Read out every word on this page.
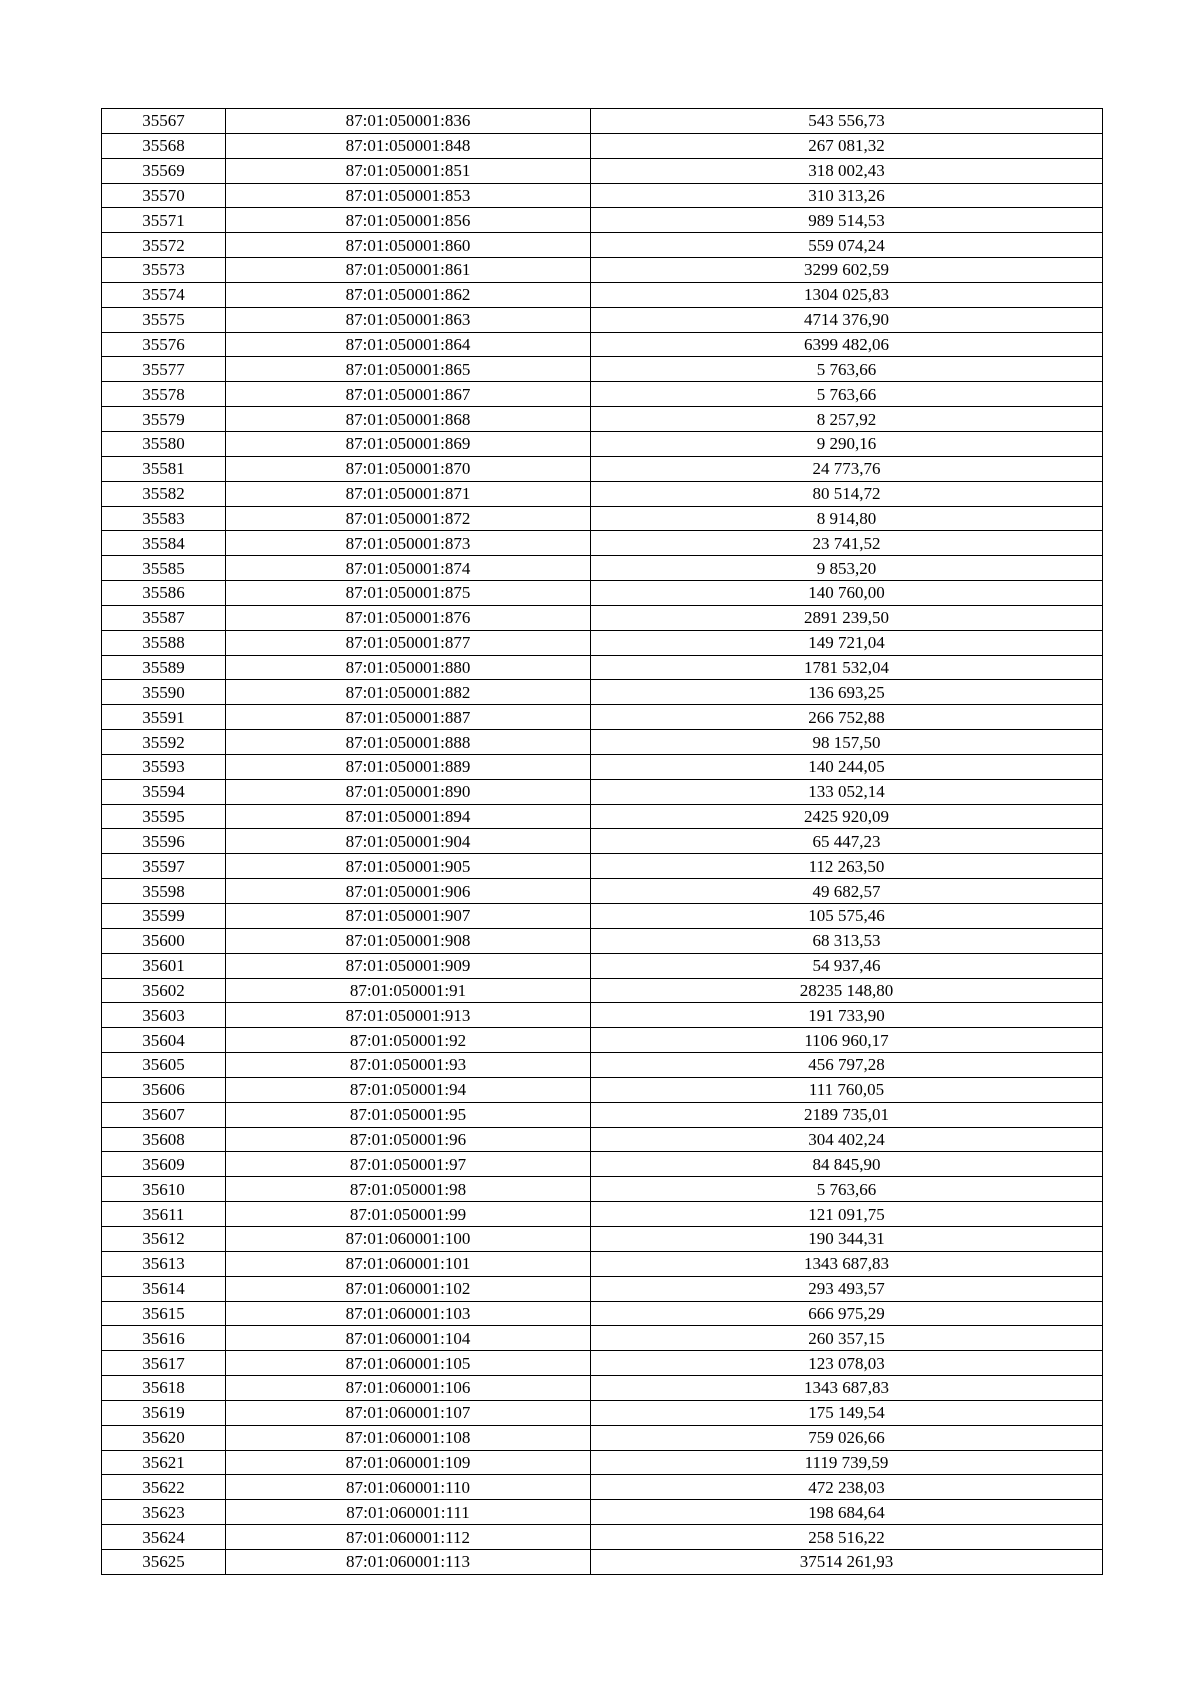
35567	87:01:050001:836	543 556,73
35568	87:01:050001:848	267 081,32
35569	87:01:050001:851	318 002,43
35570	87:01:050001:853	310 313,26
35571	87:01:050001:856	989 514,53
35572	87:01:050001:860	559 074,24
35573	87:01:050001:861	3299 602,59
35574	87:01:050001:862	1304 025,83
35575	87:01:050001:863	4714 376,90
35576	87:01:050001:864	6399 482,06
35577	87:01:050001:865	5 763,66
35578	87:01:050001:867	5 763,66
35579	87:01:050001:868	8 257,92
35580	87:01:050001:869	9 290,16
35581	87:01:050001:870	24 773,76
35582	87:01:050001:871	80 514,72
35583	87:01:050001:872	8 914,80
35584	87:01:050001:873	23 741,52
35585	87:01:050001:874	9 853,20
35586	87:01:050001:875	140 760,00
35587	87:01:050001:876	2891 239,50
35588	87:01:050001:877	149 721,04
35589	87:01:050001:880	1781 532,04
35590	87:01:050001:882	136 693,25
35591	87:01:050001:887	266 752,88
35592	87:01:050001:888	98 157,50
35593	87:01:050001:889	140 244,05
35594	87:01:050001:890	133 052,14
35595	87:01:050001:894	2425 920,09
35596	87:01:050001:904	65 447,23
35597	87:01:050001:905	112 263,50
35598	87:01:050001:906	49 682,57
35599	87:01:050001:907	105 575,46
35600	87:01:050001:908	68 313,53
35601	87:01:050001:909	54 937,46
35602	87:01:050001:91	28235 148,80
35603	87:01:050001:913	191 733,90
35604	87:01:050001:92	1106 960,17
35605	87:01:050001:93	456 797,28
35606	87:01:050001:94	111 760,05
35607	87:01:050001:95	2189 735,01
35608	87:01:050001:96	304 402,24
35609	87:01:050001:97	84 845,90
35610	87:01:050001:98	5 763,66
35611	87:01:050001:99	121 091,75
35612	87:01:060001:100	190 344,31
35613	87:01:060001:101	1343 687,83
35614	87:01:060001:102	293 493,57
35615	87:01:060001:103	666 975,29
35616	87:01:060001:104	260 357,15
35617	87:01:060001:105	123 078,03
35618	87:01:060001:106	1343 687,83
35619	87:01:060001:107	175 149,54
35620	87:01:060001:108	759 026,66
35621	87:01:060001:109	1119 739,59
35622	87:01:060001:110	472 238,03
35623	87:01:060001:111	198 684,64
35624	87:01:060001:112	258 516,22
35625	87:01:060001:113	37514 261,93
